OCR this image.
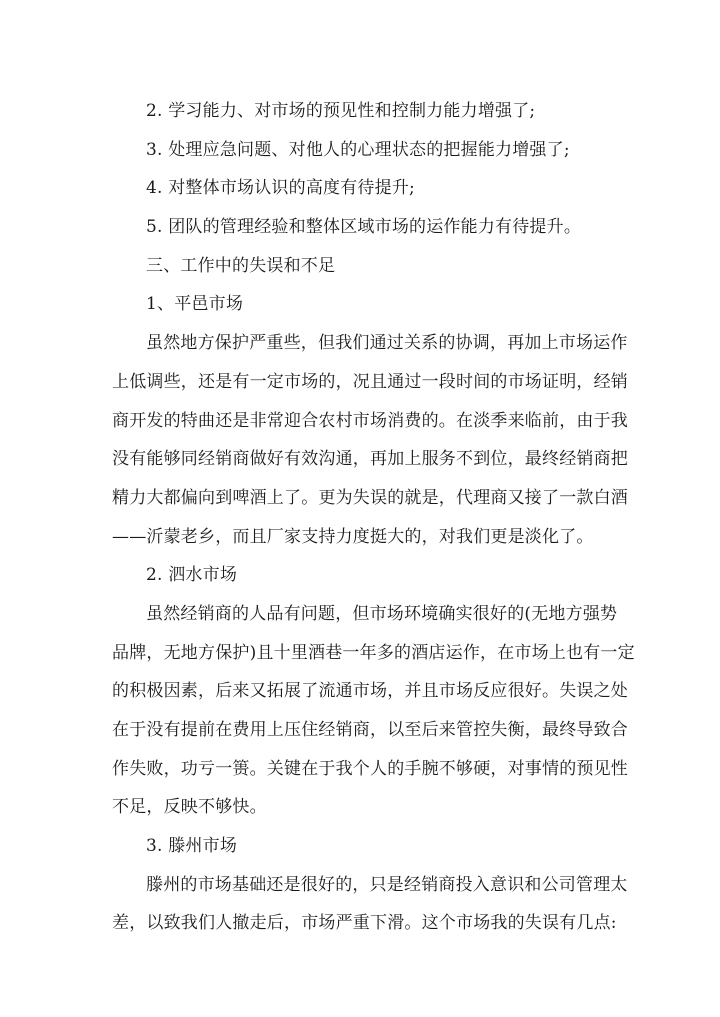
2. 学习能力、对市场的预见性和控制力能力增强了;
3. 处理应急问题、对他人的心理状态的把握能力增强了;
4. 对整体市场认识的高度有待提升;
5. 团队的管理经验和整体区域市场的运作能力有待提升。
三、工作中的失误和不足
1、平邑市场
虽然地方保护严重些，但我们通过关系的协调，再加上市场运作
上低调些，还是有一定市场的，况且通过一段时间的市场证明，经销
商开发的特曲还是非常迎合农村市场消费的。在淡季来临前，由于我
没有能够同经销商做好有效沟通，再加上服务不到位，最终经销商把
精力大都偏向到啤酒上了。更为失误的就是，代理商又接了一款白酒
——沂蒙老乡，而且厂家支持力度挺大的，对我们更是淡化了。
2. 泗水市场
虽然经销商的人品有问题，但市场环境确实很好的(无地方强势
品牌，无地方保护)且十里酒巷一年多的酒店运作，在市场上也有一定
的积极因素，后来又拓展了流通市场，并且市场反应很好。失误之处
在于没有提前在费用上压住经销商，以至后来管控失衡，最终导致合
作失败，功亏一篑。关键在于我个人的手腕不够硬，对事情的预见性
不足，反映不够快。
3. 滕州市场
滕州的市场基础还是很好的，只是经销商投入意识和公司管理太
差，以致我们人撤走后，市场严重下滑。这个市场我的失误有几点:
